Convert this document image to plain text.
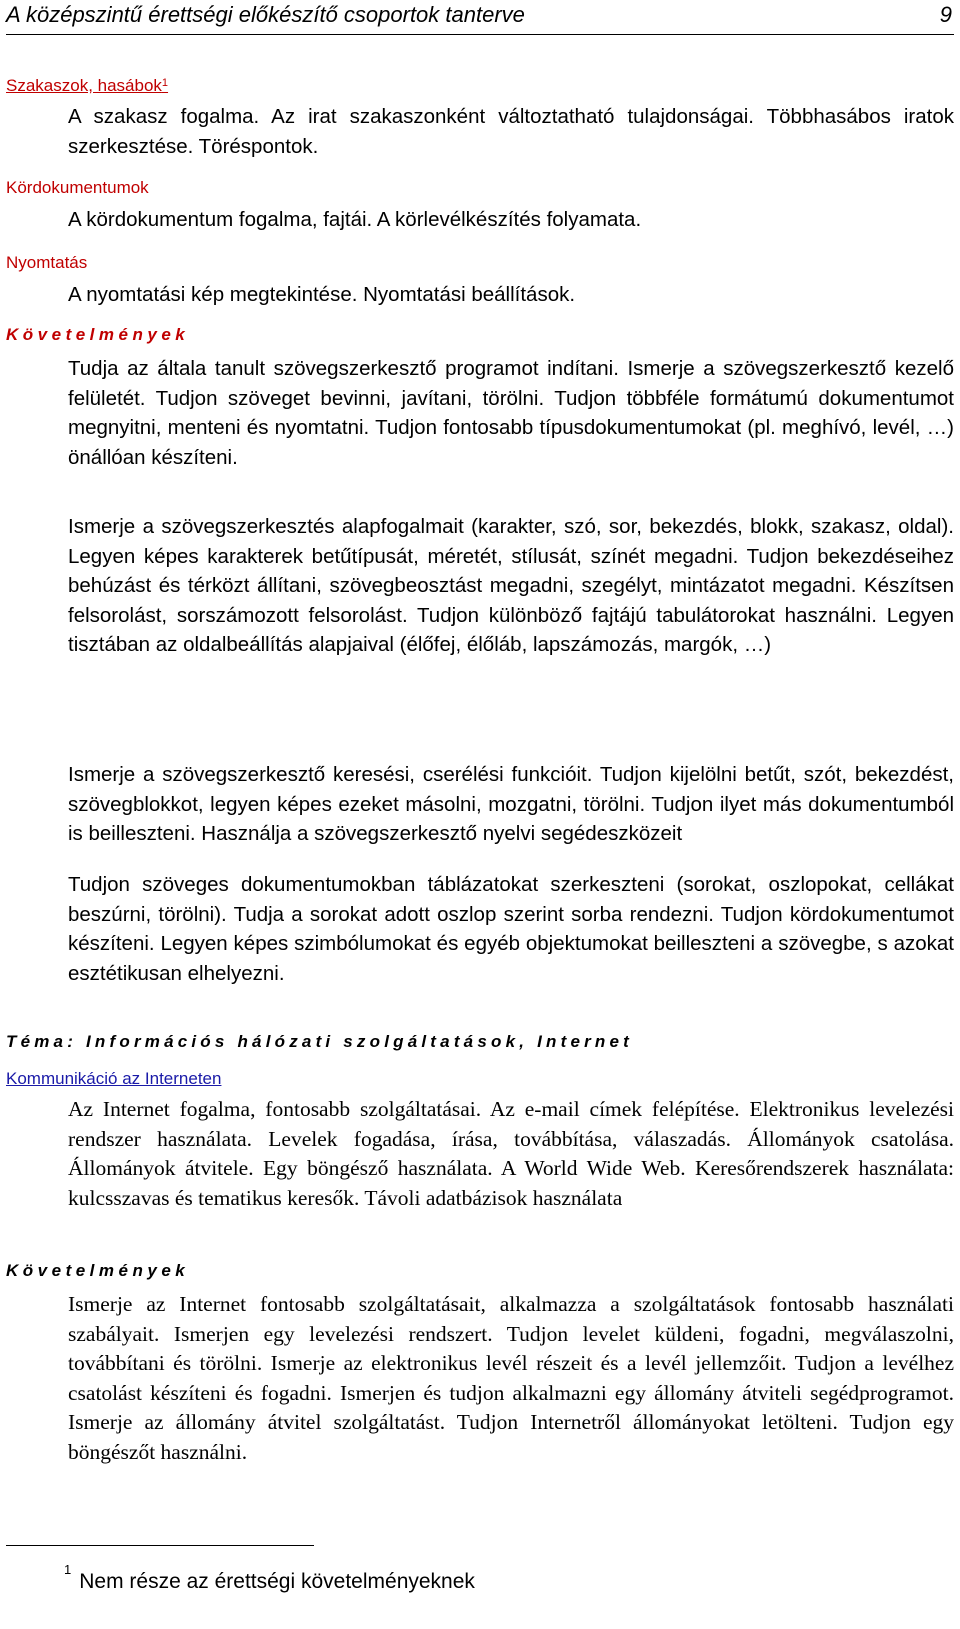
A középszintű érettségi előkészítő csoportok tanterve	9
Szakaszok, hasábok$^1$

A szakasz fogalma. Az irat szakaszonként változtatható tulajdonságai. Többhasábos iratok szerkesztése. Töréspontok.

Kördokumentumok

A kördokumentum fogalma, fajtái. A körlevélkészítés folyamata.

Nyomtatás

A nyomtatási kép megtekintése. Nyomtatási beállítások.

Követelmények

Tudja az általa tanult szövegszerkesztő programot indítani. Ismerje a szövegszerkesztő kezelő felületét. Tudjon szöveget bevinni, javítani, törölni. Tudjon többféle formátumú dokumentumot megnyitni, menteni és nyomtatni. Tudjon fontosabb típusdokumentumokat (pl. meghívó, levél, …) önállóan készíteni.

Ismerje a szövegszerkesztés alapfogalmait (karakter, szó, sor, bekezdés, blokk, szakasz, oldal). Legyen képes karakterek betűtípusát, méretét, stílusát, színét megadni. Tudjon bekezdéseihez behúzást és térközt állítani, szövegbeosztást megadni, szegélyt, mintázatot megadni. Készítsen felsorolást, sorszámozott felsorolást. Tudjon különböző fajtájú tabulátorokat használni. Legyen tisztában az oldalbeállítás alapjaival (élőfej, élőláb, lapszámozás, margók, …)

Ismerje a szövegszerkesztő keresési, cserélési funkcióit. Tudjon kijelölni betűt, szót, bekezdést, szövegblokkot, legyen képes ezeket másolni, mozgatni, törölni. Tudjon ilyet más dokumentumból is beilleszteni. Használja a szövegszerkesztő nyelvi segédeszközeit

Tudjon szöveges dokumentumokban táblázatokat szerkeszteni (sorokat, oszlopokat, cellákat beszúrni, törölni). Tudja a sorokat adott oszlop szerint sorba rendezni. Tudjon kördokumentumot készíteni. Legyen képes szimbólumokat és egyéb objektumokat beilleszteni a szövegbe, s azokat esztétikusan elhelyezni.

Téma: Információs hálózati szolgáltatások, Internet
Kommunikáció az Interneten

Az Internet fogalma, fontosabb szolgáltatásai. Az e-mail címek felépítése. Elektronikus levelezési rendszer használata. Levelek fogadása, írása, továbbítása, válaszadás. Állományok csatolása. Állományok átvitele. Egy böngésző használata. A World Wide Web. Keresőrendszerek használata: kulcsszavas és tematikus keresők. Távoli adatbázisok használata

Követelmények

Ismerje az Internet fontosabb szolgáltatásait, alkalmazza a szolgáltatások fontosabb használati szabályait. Ismerjen egy levelezési rendszert. Tudjon levelet küldeni, fogadni, megválaszolni, továbbítani és törölni. Ismerje az elektronikus levél részeit és a levél jellemzőit. Tudjon a levélhez csatolást készíteni és fogadni. Ismerjen és tudjon alkalmazni egy állomány átviteli segédprogramot. Ismerje az állomány átvitel szolgáltatást. Tudjon Internetről állományokat letölteni. Tudjon egy böngészőt használni.

$^1$Nem része az érettségi követelményeknek
